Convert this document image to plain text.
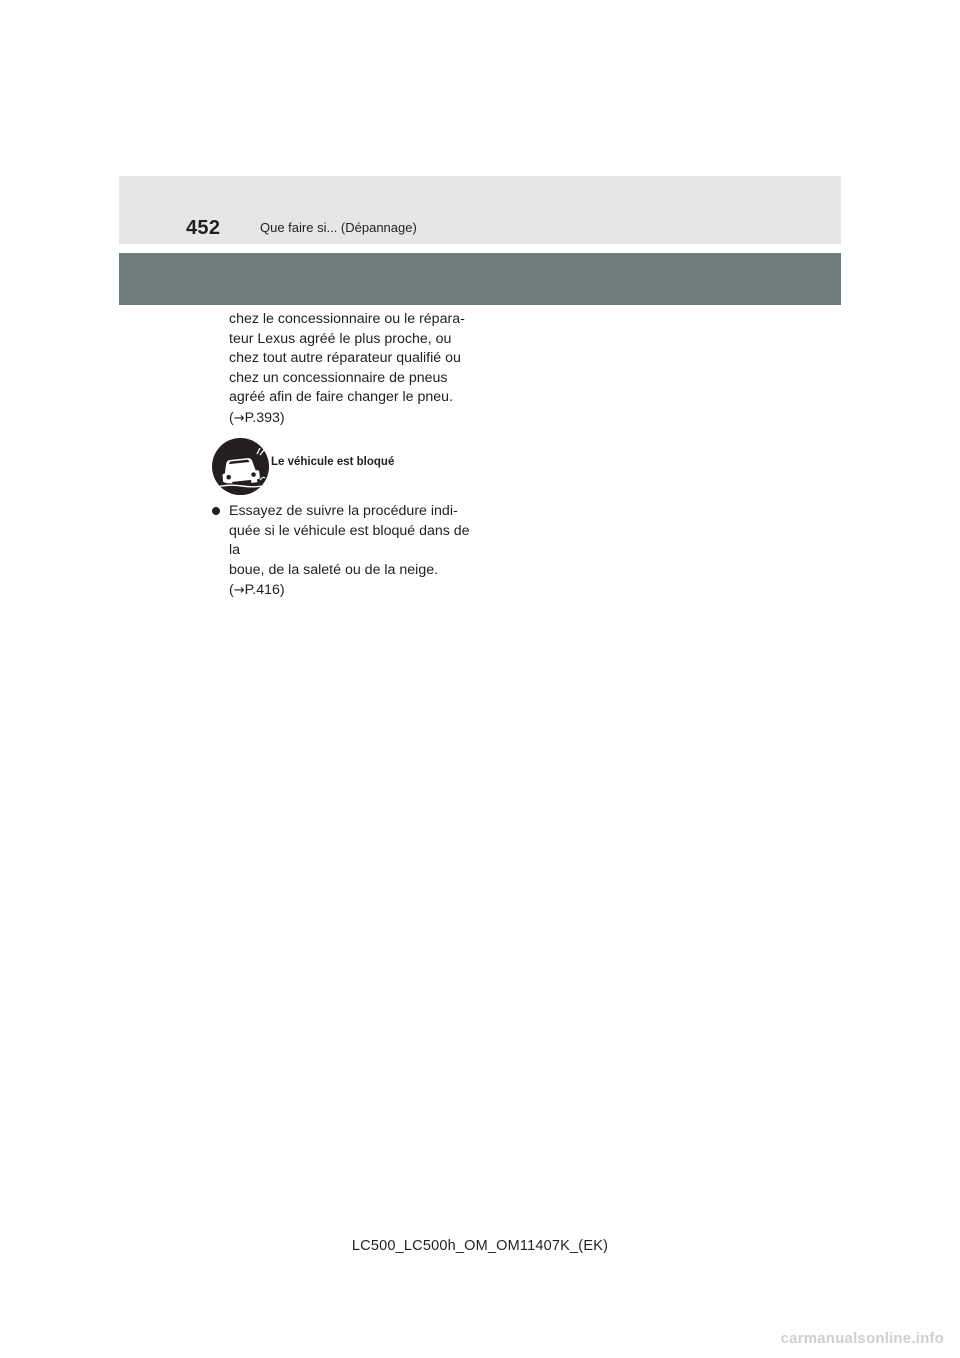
452	Que faire si... (Dépannage)
chez le concessionnaire ou le répara-
teur Lexus agréé le plus proche, ou
chez tout autre réparateur qualifié ou
chez un concessionnaire de pneus
agréé afin de faire changer le pneu.
(→P.393)
Le véhicule est bloqué
Essayez de suivre la procédure indi-
quée si le véhicule est bloqué dans de la
boue, de la saleté ou de la neige.
(→P.416)
LC500_LC500h_OM_OM11407K_(EK)
carmanualsonline.info
